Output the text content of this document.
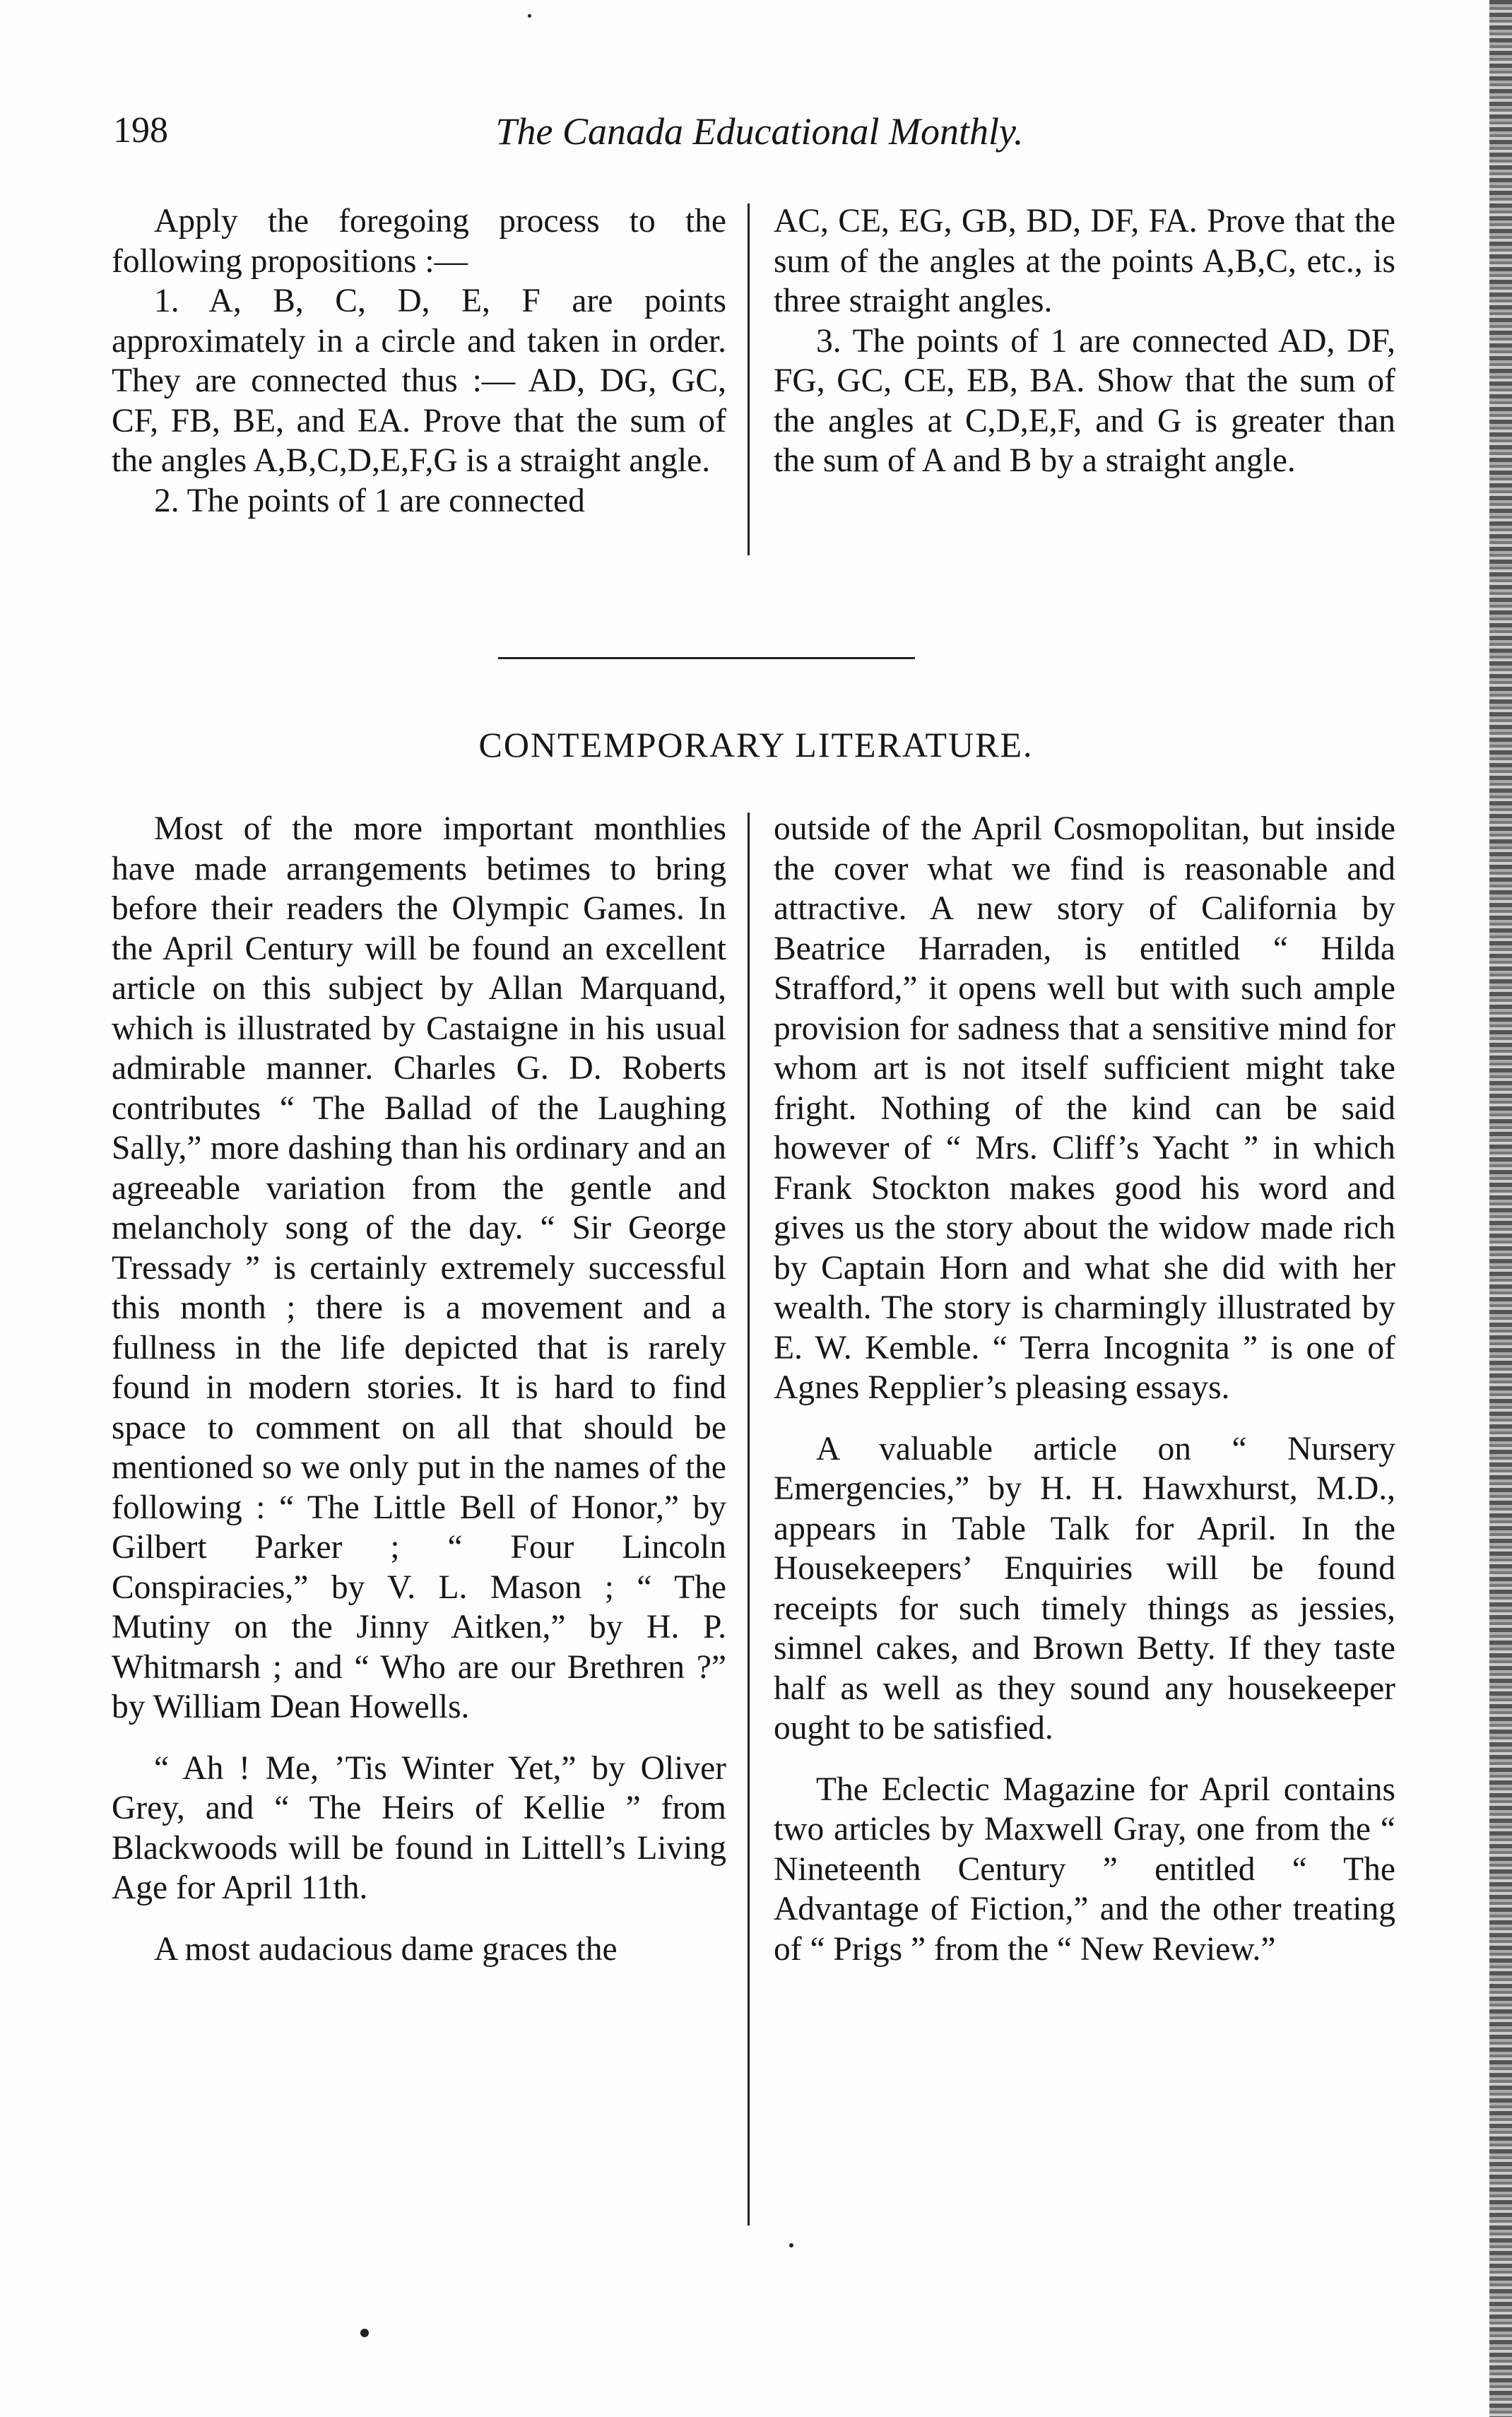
198	The Canada Educational Monthly.

Apply the foregoing process to the following propositions :—

1. A, B, C, D, E, F are points approximately in a circle and taken in order. They are connected thus :— AD, DG, GC, CF, FB, BE, and EA. Prove that the sum of the angles A,B,C,D,E,F,G is a straight angle.

2. The points of 1 are connected

AC, CE, EG, GB, BD, DF, FA. Prove that the sum of the angles at the points A,B,C, etc., is three straight angles.

3. The points of 1 are connected AD, DF, FG, GC, CE, EB, BA. Show that the sum of the angles at C,D,E,F, and G is greater than the sum of A and B by a straight angle.

CONTEMPORARY LITERATURE.

Most of the more important monthlies have made arrangements betimes to bring before their readers the Olympic Games. In the April Century will be found an excellent article on this subject by Allan Marquand, which is illustrated by Castaigne in his usual admirable manner. Charles G. D. Roberts contributes “ The Ballad of the Laughing Sally,” more dashing than his ordinary and an agreeable variation from the gentle and melancholy song of the day. “ Sir George Tressady ” is certainly extremely successful this month ; there is a movement and a fullness in the life depicted that is rarely found in modern stories. It is hard to find space to comment on all that should be mentioned so we only put in the names of the following : “ The Little Bell of Honor,” by Gilbert Parker ; “ Four Lincoln Conspiracies,” by V. L. Mason ; “ The Mutiny on the Jinny Aitken,” by H. P. Whitmarsh ; and “ Who are our Brethren ?” by William Dean Howells.

“ Ah ! Me, ’Tis Winter Yet,” by Oliver Grey, and “ The Heirs of Kellie ” from Blackwoods will be found in Littell’s Living Age for April 11th.

A most audacious dame graces the

outside of the April Cosmopolitan, but inside the cover what we find is reasonable and attractive. A new story of California by Beatrice Harraden, is entitled “ Hilda Strafford,” it opens well but with such ample provision for sadness that a sensitive mind for whom art is not itself sufficient might take fright. Nothing of the kind can be said however of “ Mrs. Cliff’s Yacht ” in which Frank Stockton makes good his word and gives us the story about the widow made rich by Captain Horn and what she did with her wealth. The story is charmingly illustrated by E. W. Kemble. “ Terra Incognita ” is one of Agnes Repplier’s pleasing essays.

A valuable article on “ Nursery Emergencies,” by H. H. Hawxhurst, M.D., appears in Table Talk for April. In the Housekeepers’ Enquiries will be found receipts for such timely things as jessies, simnel cakes, and Brown Betty. If they taste half as well as they sound any housekeeper ought to be satisfied.

The Eclectic Magazine for April contains two articles by Maxwell Gray, one from the “ Nineteenth Century ” entitled “ The Advantage of Fiction,” and the other treating of “ Prigs ” from the “ New Review.”
